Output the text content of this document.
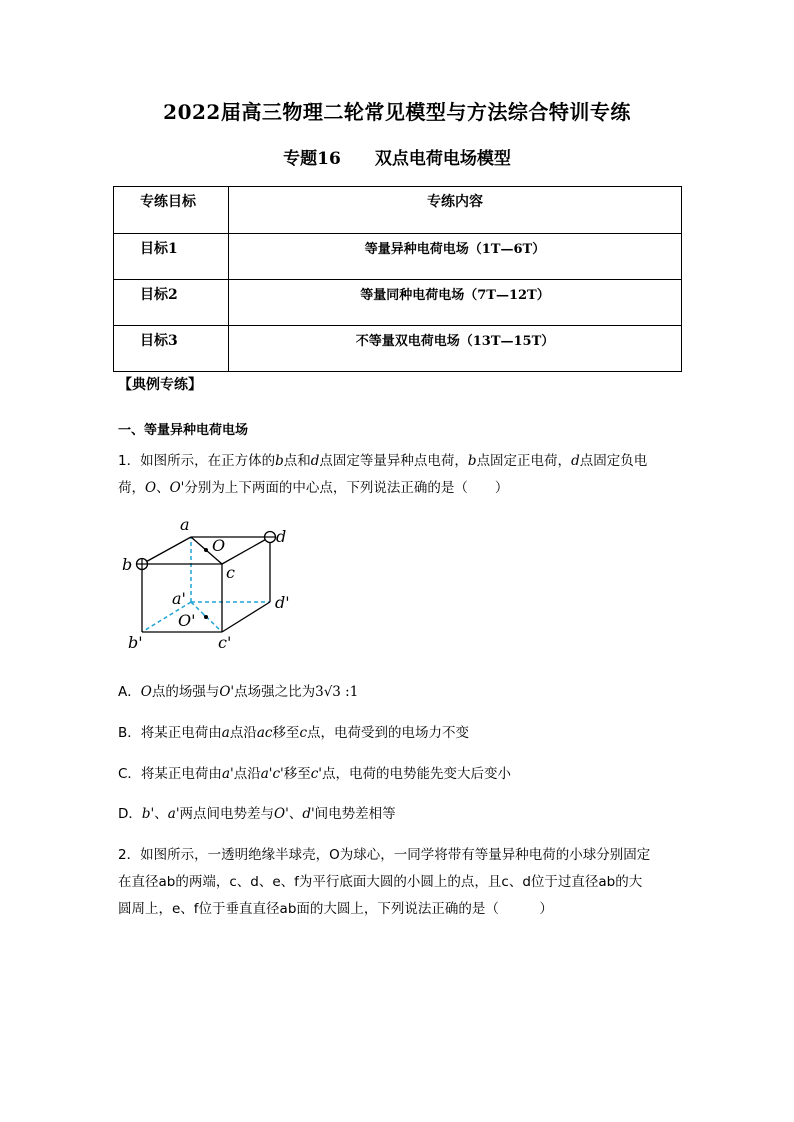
2022届高三物理二轮常见模型与方法综合特训专练
专题16 双点电荷电场模型
专练目标	专练内容
目标1	等量异种电荷电场（1T—6T）
目标2	等量同种电荷电场（7T—12T）
目标3	不等量双电荷电场（13T—15T）
【典例专练】
一、等量异种电荷电场
1．如图所示，在正方体的b点和d点固定等量异种点电荷，b点固定正电荷，d点固定负电
荷，O、O'分别为上下两面的中心点，下列说法正确的是（　　）
a
O	d
b	c
a'	d'
O'
b'	c'
A．O点的场强与O'点场强之比为3√3 :1
B．将某正电荷由a点沿ac移至c点，电荷受到的电场力不变
C．将某正电荷由a'点沿a'c'移至c'点，电荷的电势能先变大后变小
D．b'、a'两点间电势差与O'、d'间电势差相等
2．如图所示，一透明绝缘半球壳，O为球心，一同学将带有等量异种电荷的小球分别固定
在直径ab的两端，c、d、e、f为平行底面大圆的小圆上的点，且c、d位于过直径ab的大
圆周上，e、f位于垂直直径ab面的大圆上，下列说法正确的是（　　　）
